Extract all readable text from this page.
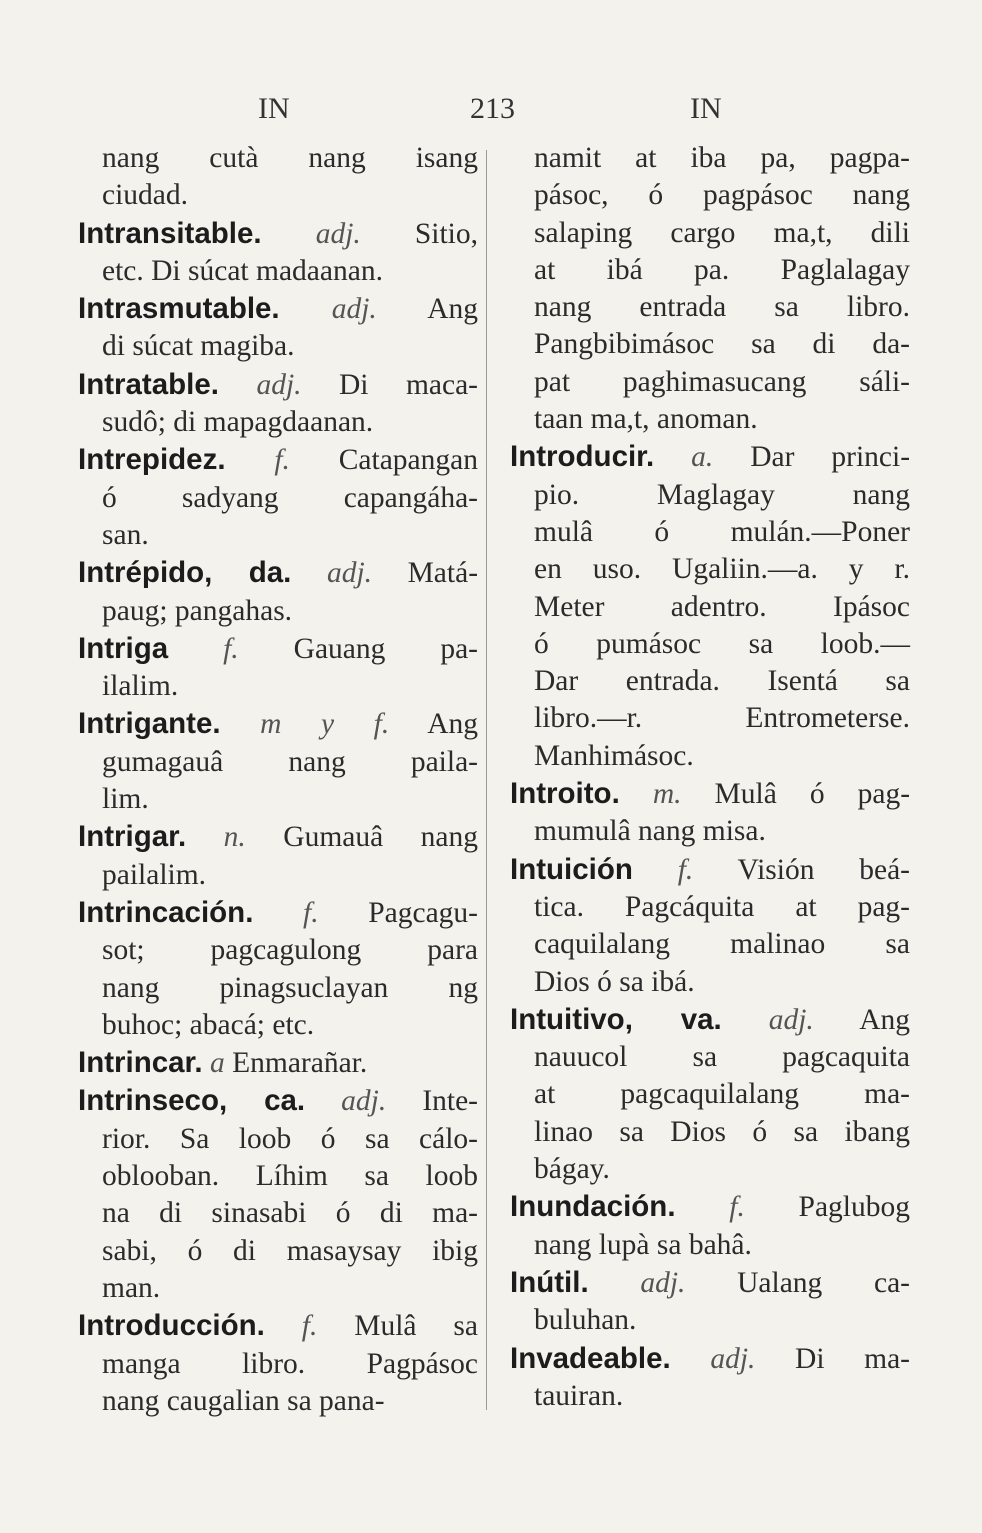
IN	213	IN
nang cutà nang isang
ciudad.
Intransitable. adj. Sitio,
etc. Di súcat madaanan.
Intrasmutable. adj. Ang
di súcat magiba.
Intratable. adj. Di maca-
sudô; di mapagdaanan.
Intrepidez. f. Catapangan
ó sadyang capangáha-
san.
Intrépido, da. adj. Matá-
paug; pangahas.
Intriga f. Gauang pa-
ilalim.
Intrigante. m y f. Ang
gumagauâ nang paila-
lim.
Intrigar. n. Gumauâ nang
pailalim.
Intrincación. f. Pagcagu-
sot; pagcagulong para
nang pinagsuclayan ng
buhoc; abacá; etc.
Intrincar. a Enmarañar.
Intrinseco, ca. adj. Inte-
rior. Sa loob ó sa cálo-
oblooban. Líhim sa loob
na di sinasabi ó di ma-
sabi, ó di masaysay ibig
man.
Introducción. f. Mulâ sa
manga libro. Pagpásoc
nang caugalian sa pana-
namit at iba pa, pagpa-
pásoc, ó pagpásoc nang
salaping cargo ma,t, dili
at ibá pa. Paglalagay
nang entrada sa libro.
Pangbibimásoc sa di da-
pat paghimasucang sáli-
taan ma,t, anoman.
Introducir. a. Dar princi-
pio. Maglagay nang
mulâ ó mulán.—Poner
en uso. Ugaliin.—a. y r.
Meter adentro. Ipásoc
ó pumásoc sa loob.—
Dar entrada. Isentá sa
libro.—r. Entrometerse.
Manhimásoc.
Introito. m. Mulâ ó pag-
mumulâ nang misa.
Intuición f. Visión beá-
tica. Pagcáquita at pag-
caquilalang malinao sa
Dios ó sa ibá.
Intuitivo, va. adj. Ang
nauucol sa pagcaquita
at pagcaquilalang ma-
linao sa Dios ó sa ibang
bágay.
Inundación. f. Paglubog
nang lupà sa bahâ.
Inútil. adj. Ualang ca-
buluhan.
Invadeable. adj. Di ma-
tauiran.
